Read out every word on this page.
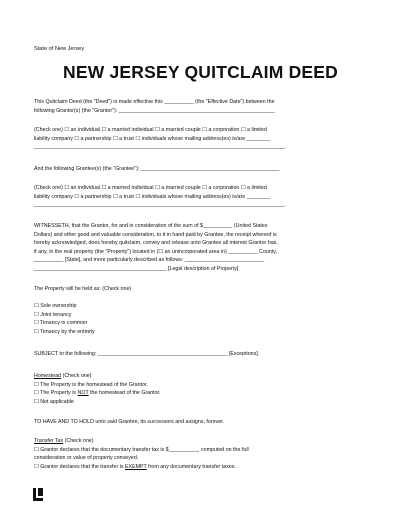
State of New Jersey
NEW JERSEY QUITCLAIM DEED
This Quitclaim Deed (the "Deed") is made effective this __________ (the "Effective Date") between the
following Grantor(s) (the "Grantor"): _____________________________________________________
(Check one) ☐ an individual ☐ a married individual ☐ a married couple ☐ a corporation ☐ a limited
liability company ☐ a partnership ☐ a trust ☐ individuals whose mailing address(es) is/are ________
_____________________________________________________________________________________.
And the following Grantee(s) (the "Grantee"): _______________________________________________
(Check one) ☐ an individual ☐ a married individual ☐ a married couple ☐ a corporation ☐ a limited
liability company ☐ a partnership ☐ a trust ☐ individuals whose mailing address(es) is/are ________
_____________________________________________________________________________________.
WITNESSETH, that the Grantor, for and in consideration of the sum of $__________ (United States
Dollars) and other good and valuable consideration, to it in hand paid by Grantee, the receipt whereof is
hereby acknowledged, does hereby quitclaim, convey and release unto Grantee all interest Grantor has,
if any, in the real property (the "Property") located in (☐ an unincorporated area in) __________ County,
__________ [State], and more particularly described as follows: ___________________________
_____________________________________________ [Legal description of Property]
The Property will be held as: (Check one)
☐ Sole ownership
☐ Joint tenancy
☐ Tenancy in common
☐ Tenancy by the entirety
SUBJECT to the following: ____________________________________________ [Exceptions].
Homestead (Check one)
☐ The Property is the homestead of the Grantor.
☐ The Property is NOT the homestead of the Grantor.
☐ Not applicable
TO HAVE AND TO HOLD unto said Grantee, its successors and assigns, forever.
Transfer Tax (Check one)
☐ Grantor declares that the documentary transfer tax is $__________, computed on the full
consideration or value of property conveyed.
☐ Grantor declares that the transfer is EXEMPT from any documentary transfer taxes.
